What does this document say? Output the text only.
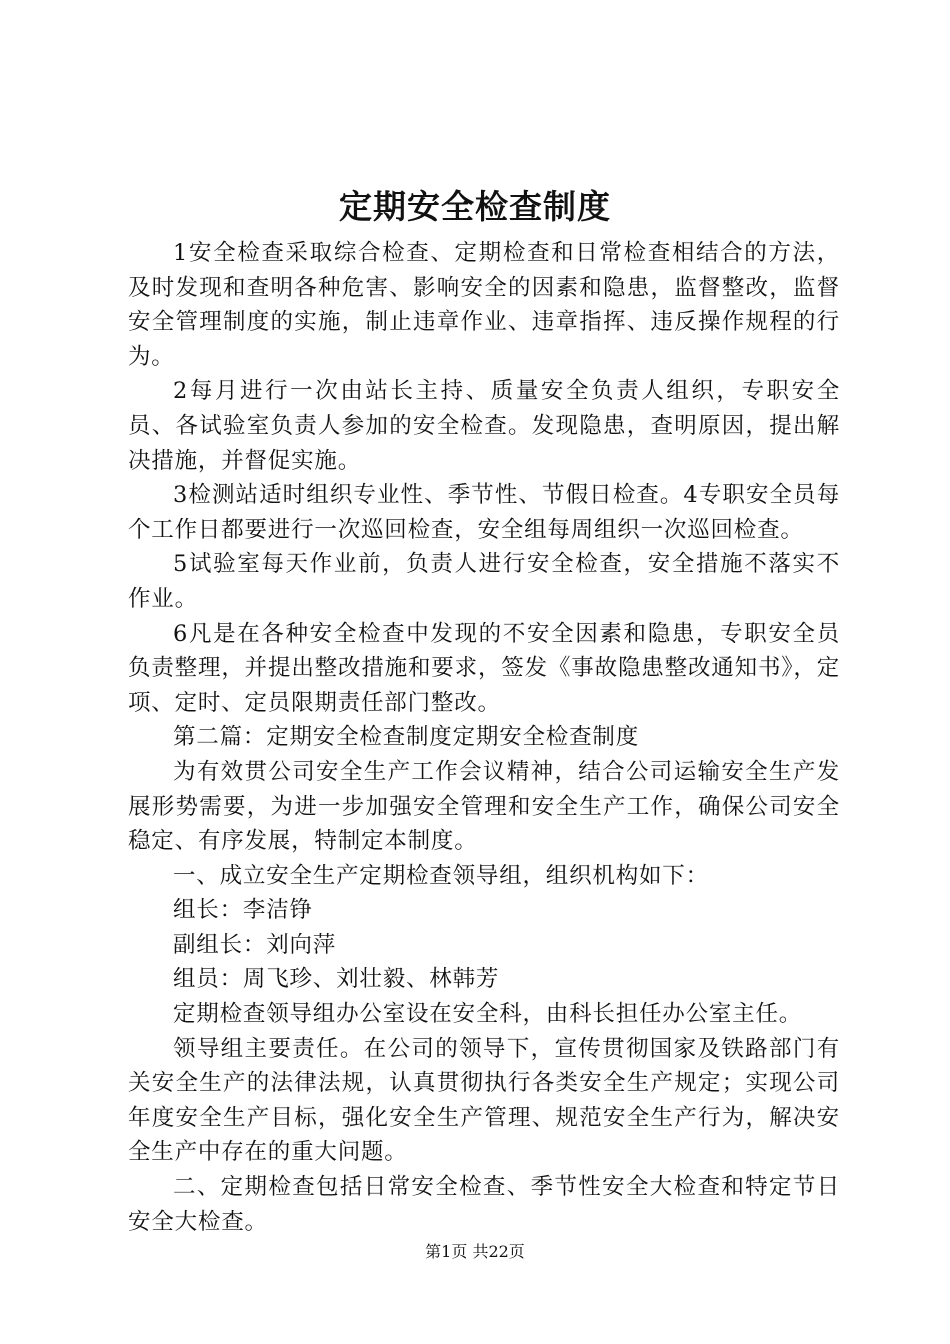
定期安全检查制度

1安全检查采取综合检查、定期检查和日常检查相结合的方法，及时发现和查明各种危害、影响安全的因素和隐患，监督整改，监督安全管理制度的实施，制止违章作业、违章指挥、违反操作规程的行为。

2每月进行一次由站长主持、质量安全负责人组织，专职安全员、各试验室负责人参加的安全检查。发现隐患，查明原因，提出解决措施，并督促实施。

3检测站适时组织专业性、季节性、节假日检查。4专职安全员每个工作日都要进行一次巡回检查，安全组每周组织一次巡回检查。

5试验室每天作业前，负责人进行安全检查，安全措施不落实不作业。

6凡是在各种安全检查中发现的不安全因素和隐患，专职安全员负责整理，并提出整改措施和要求，签发《事故隐患整改通知书》，定项、定时、定员限期责任部门整改。

第二篇：定期安全检查制度定期安全检查制度

为有效贯公司安全生产工作会议精神，结合公司运输安全生产发展形势需要，为进一步加强安全管理和安全生产工作，确保公司安全稳定、有序发展，特制定本制度。

一、成立安全生产定期检查领导组，组织机构如下：

组长：李洁铮

副组长：刘向萍

组员：周飞珍、刘壮毅、林韩芳

定期检查领导组办公室设在安全科，由科长担任办公室主任。

领导组主要责任。在公司的领导下，宣传贯彻国家及铁路部门有关安全生产的法律法规，认真贯彻执行各类安全生产规定；实现公司年度安全生产目标，强化安全生产管理、规范安全生产行为，解决安全生产中存在的重大问题。

二、定期检查包括日常安全检查、季节性安全大检查和特定节日安全大检查。

第1页 共22页
